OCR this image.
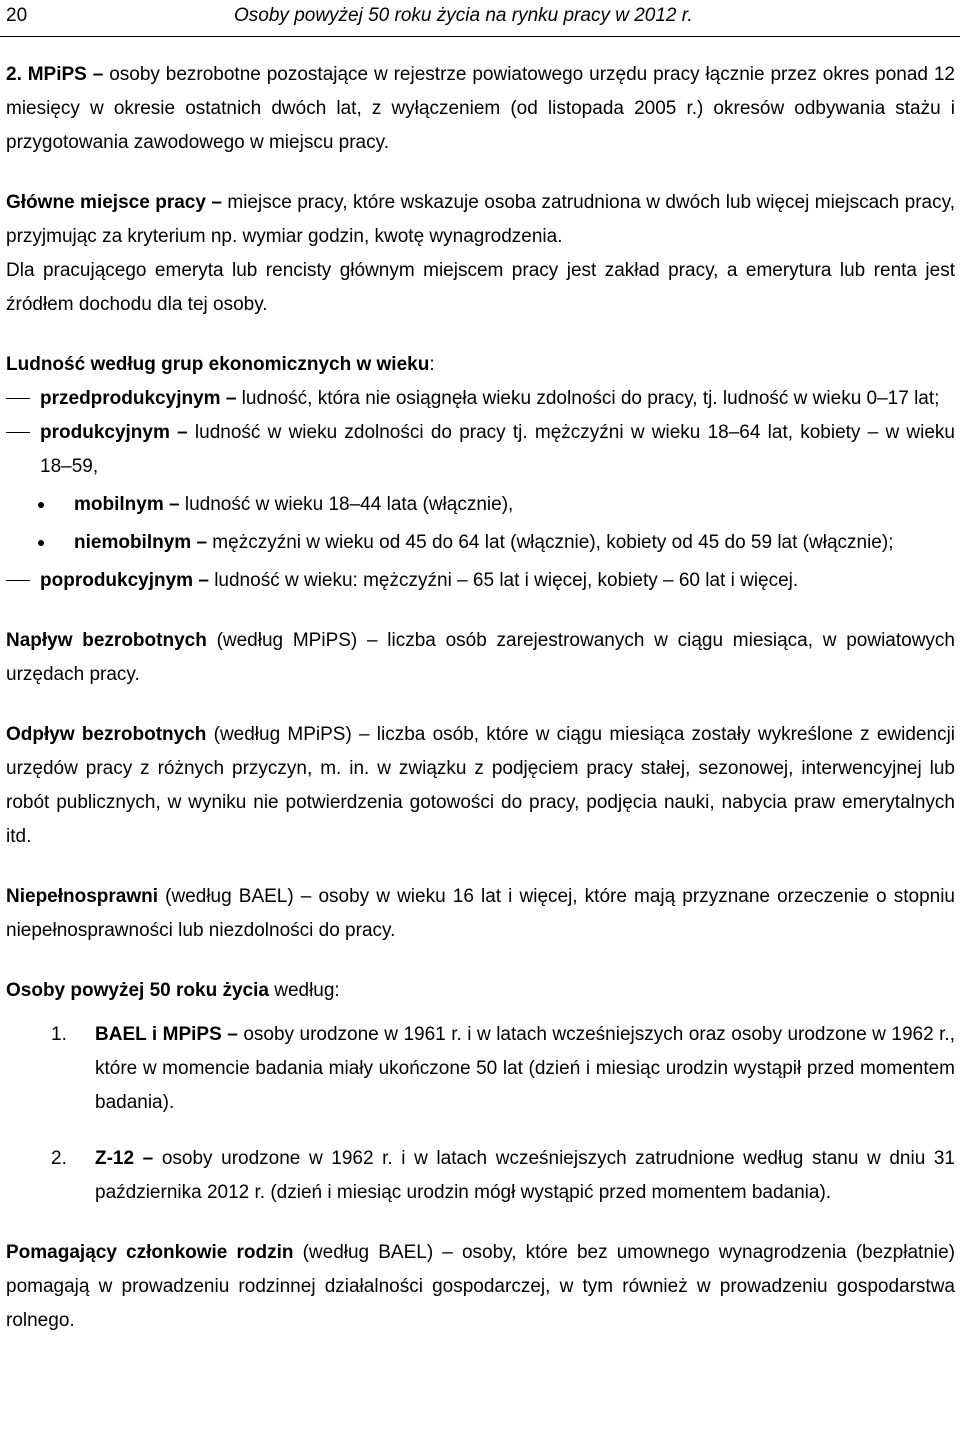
20	Osoby powyżej 50 roku życia na rynku pracy w 2012 r.

2. MPiPS – osoby bezrobotne pozostające w rejestrze powiatowego urzędu pracy łącznie przez okres ponad 12 miesięcy w okresie ostatnich dwóch lat, z wyłączeniem (od listopada 2005 r.) okresów odbywania stażu i przygotowania zawodowego w miejscu pracy.

Główne miejsce pracy – miejsce pracy, które wskazuje osoba zatrudniona w dwóch lub więcej miejscach pracy, przyjmując za kryterium np. wymiar godzin, kwotę wynagrodzenia.

Dla pracującego emeryta lub rencisty głównym miejscem pracy jest zakład pracy, a emerytura lub renta jest źródłem dochodu dla tej osoby.

Ludność według grup ekonomicznych w wieku:

przedprodukcyjnym – ludność, która nie osiągnęła wieku zdolności do pracy, tj. ludność w wieku 0–17 lat;

produkcyjnym – ludność w wieku zdolności do pracy tj. mężczyźni w wieku 18–64 lat, kobiety – w wieku 18–59,

mobilnym – ludność w wieku 18–44 lata (włącznie),

niemobilnym – mężczyźni w wieku od 45 do 64 lat (włącznie), kobiety od 45 do 59 lat (włącznie);

poprodukcyjnym – ludność w wieku: mężczyźni – 65 lat i więcej, kobiety – 60 lat i więcej.

Napływ bezrobotnych (według MPiPS) – liczba osób zarejestrowanych w ciągu miesiąca, w powiatowych urzędach pracy.

Odpływ bezrobotnych (według MPiPS) – liczba osób, które w ciągu miesiąca zostały wykreślone z ewidencji urzędów pracy z różnych przyczyn, m. in. w związku z podjęciem pracy stałej, sezonowej, interwencyjnej lub robót publicznych, w wyniku nie potwierdzenia gotowości do pracy, podjęcia nauki, nabycia praw emerytalnych itd.

Niepełnosprawni (według BAEL) – osoby w wieku 16 lat i więcej, które mają przyznane orzeczenie o stopniu niepełnosprawności lub niezdolności do pracy.

Osoby powyżej 50 roku życia według:

1. BAEL i MPiPS – osoby urodzone w 1961 r. i w latach wcześniejszych oraz osoby urodzone w 1962 r., które w momencie badania miały ukończone 50 lat (dzień i miesiąc urodzin wystąpił przed momentem badania).

2. Z-12 – osoby urodzone w 1962 r. i w latach wcześniejszych zatrudnione według stanu w dniu 31 października 2012 r. (dzień i miesiąc urodzin mógł wystąpić przed momentem badania).

Pomagający członkowie rodzin (według BAEL) – osoby, które bez umownego wynagrodzenia (bezpłatnie) pomagają w prowadzeniu rodzinnej działalności gospodarczej, w tym również w prowadzeniu gospodarstwa rolnego.
